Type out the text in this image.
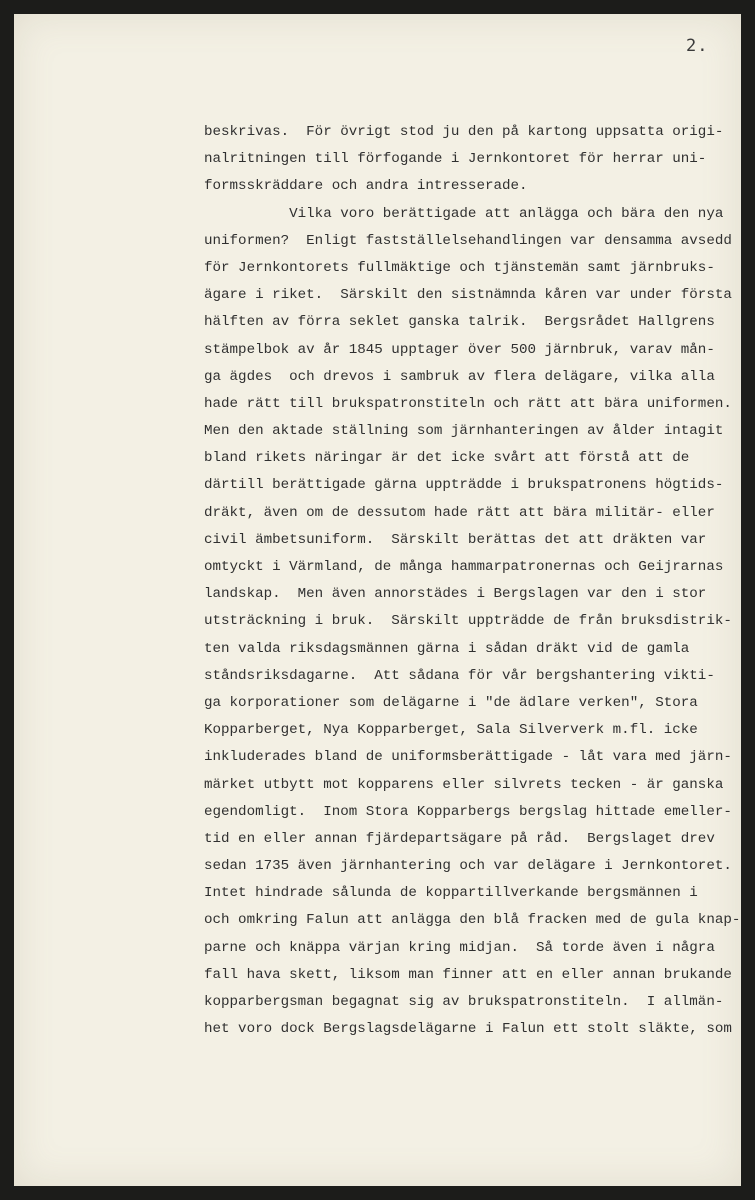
2.
beskrivas.  För övrigt stod ju den på kartong uppsatta origi-
nalritningen till förfogande i Jernkontoret för herrar uni-
formsskräddare och andra intresserade.
Vilka voro berättigade att anlägga och bära den nya
uniformen?  Enligt fastställelsehandlingen var densamma avsedd
för Jernkontorets fullmäktige och tjänstemän samt järnbruks-
ägare i riket.  Särskilt den sistnämnda kåren var under första
hälften av förra seklet ganska talrik.  Bergsrådet Hallgrens
stämpelbok av år 1845 upptager över 500 järnbruk, varav mån-
ga ägdes  och drevos i sambruk av flera delägare, vilka alla
hade rätt till brukspatronstiteln och rätt att bära uniformen.
Men den aktade ställning som järnhanteringen av ålder intagit
bland rikets näringar är det icke svårt att förstå att de
därtill berättigade gärna uppträdde i brukspatronens högtids-
dräkt, även om de dessutom hade rätt att bära militär- eller
civil ämbetsuniform.  Särskilt berättas det att dräkten var
omtyckt i Värmland, de många hammarpatronernas och Geijrarnas
landskap.  Men även annorstädes i Bergslagen var den i stor
utsträckning i bruk.  Särskilt uppträdde de från bruksdistrik-
ten valda riksdagsmännen gärna i sådan dräkt vid de gamla
ståndsriksdagarne.  Att sådana för vår bergshantering vikti-
ga korporationer som delägarne i "de ädlare verken", Stora
Kopparberget, Nya Kopparberget, Sala Silververk m.fl. icke
inkluderades bland de uniformsberättigade - låt vara med järn-
märket utbytt mot kopparens eller silvrets tecken - är ganska
egendomligt.  Inom Stora Kopparbergs bergslag hittade emeller-
tid en eller annan fjärdepartsägare på råd.  Bergslaget drev
sedan 1735 även järnhantering och var delägare i Jernkontoret.
Intet hindrade sålunda de koppartillverkande bergsmännen i
och omkring Falun att anlägga den blå fracken med de gula knap-
parne och knäppa värjan kring midjan.  Så torde även i några
fall hava skett, liksom man finner att en eller annan brukande
kopparbergsman begagnat sig av brukspatronstiteln.  I allmän-
het voro dock Bergslagsdelägarne i Falun ett stolt släkte, som
